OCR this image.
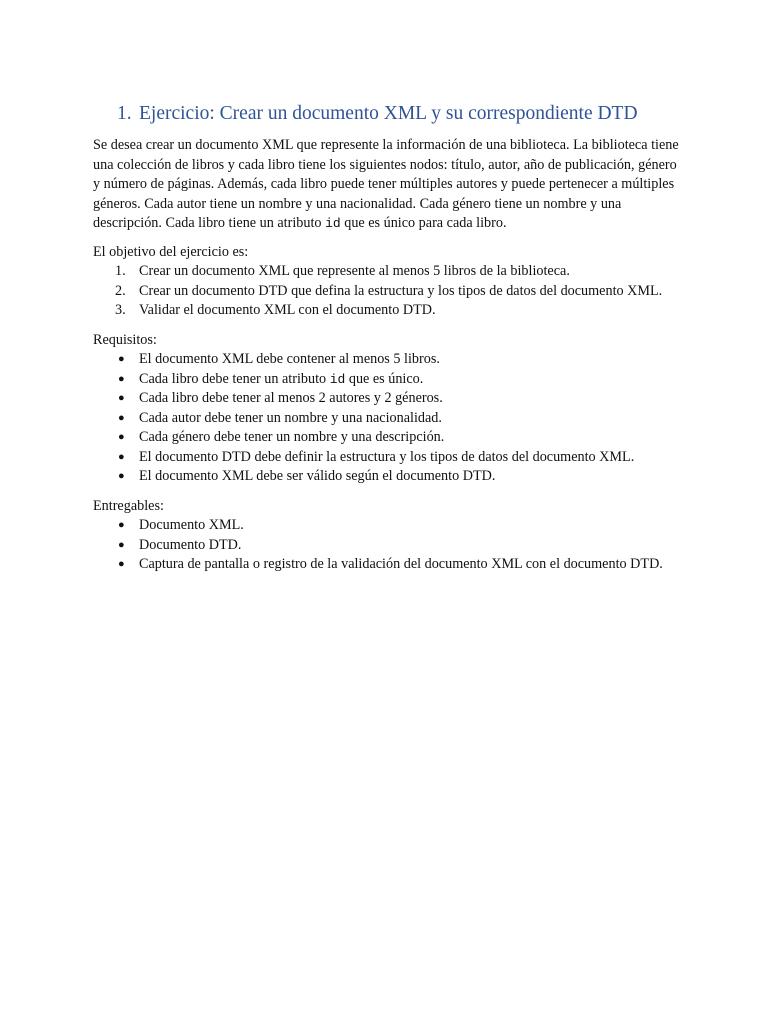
1. Ejercicio: Crear un documento XML y su correspondiente DTD

Se desea crear un documento XML que represente la información de una biblioteca. La biblioteca tiene una colección de libros y cada libro tiene los siguientes nodos: título, autor, año de publicación, género y número de páginas. Además, cada libro puede tener múltiples autores y puede pertenecer a múltiples géneros. Cada autor tiene un nombre y una nacionalidad. Cada género tiene un nombre y una descripción. Cada libro tiene un atributo id que es único para cada libro.

El objetivo del ejercicio es:

1. Crear un documento XML que represente al menos 5 libros de la biblioteca.
2. Crear un documento DTD que defina la estructura y los tipos de datos del documento XML.
3. Validar el documento XML con el documento DTD.

Requisitos:

● El documento XML debe contener al menos 5 libros.
● Cada libro debe tener un atributo id que es único.
● Cada libro debe tener al menos 2 autores y 2 géneros.
● Cada autor debe tener un nombre y una nacionalidad.
● Cada género debe tener un nombre y una descripción.
● El documento DTD debe definir la estructura y los tipos de datos del documento XML.
● El documento XML debe ser válido según el documento DTD.

Entregables:

● Documento XML.
● Documento DTD.
● Captura de pantalla o registro de la validación del documento XML con el documento DTD.
